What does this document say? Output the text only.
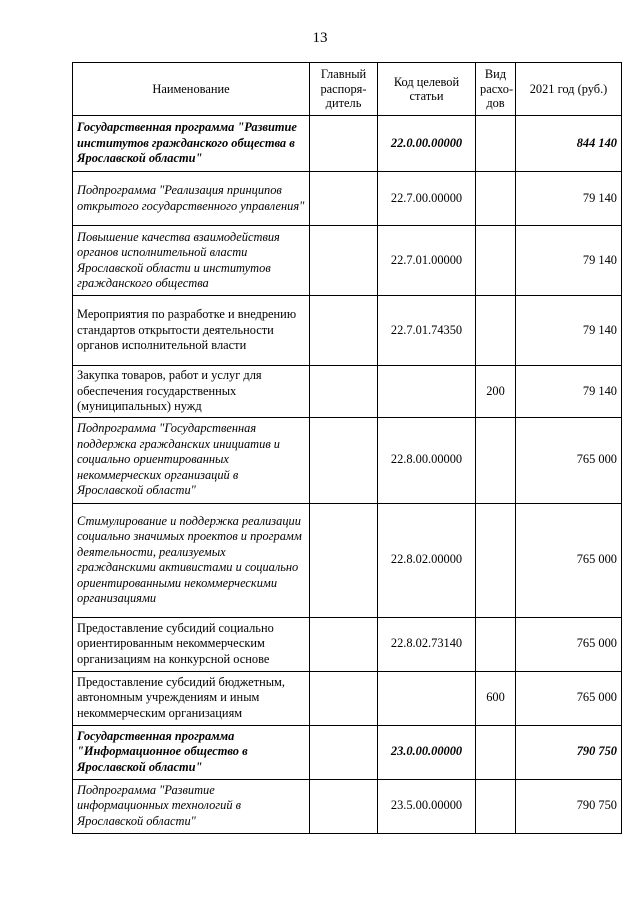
13
Наименование	Главный распоря-дитель	Код целевой статьи	Вид расхо-дов	2021 год (руб.)
Государственная программа "Развитие институтов гражданского общества в Ярославской области"		22.0.00.00000		844 140
Подпрограмма "Реализация принципов открытого государственного управления"		22.7.00.00000		79 140
Повышение качества взаимодействия органов исполнительной власти Ярославской области и институтов гражданского общества		22.7.01.00000		79 140
Мероприятия по разработке и внедрению стандартов открытости деятельности органов исполнительной власти		22.7.01.74350		79 140
Закупка товаров, работ и услуг для обеспечения государственных (муниципальных) нужд			200	79 140
Подпрограмма "Государственная поддержка гражданских инициатив и социально ориентированных некоммерческих организаций в Ярославской области"		22.8.00.00000		765 000
Стимулирование и поддержка реализации социально значимых проектов и программ деятельности, реализуемых гражданскими активистами и социально ориентированными некоммерческими организациями		22.8.02.00000		765 000
Предоставление субсидий социально ориентированным некоммерческим организациям на конкурсной основе		22.8.02.73140		765 000
Предоставление субсидий бюджетным, автономным учреждениям и иным некоммерческим организациям			600	765 000
Государственная программа "Информационное общество в Ярославской области"		23.0.00.00000		790 750
Подпрограмма "Развитие информационных технологий в Ярославской области"		23.5.00.00000		790 750
